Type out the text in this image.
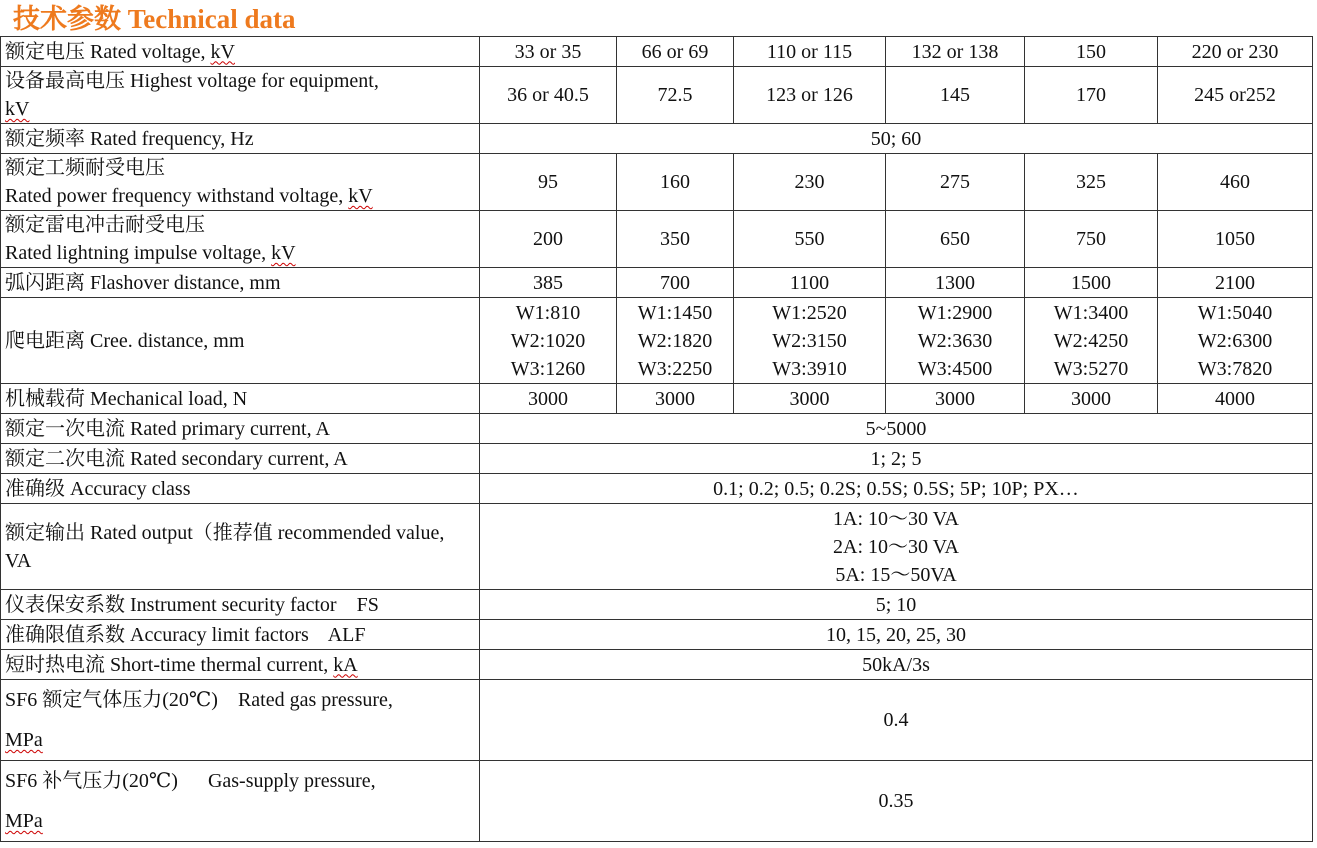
技术参数 Technical data
额定电压 Rated voltage, kV	33 or 35	66 or 69	110 or 115	132 or 138	150	220 or 230

设备最高电压 Highest voltage for equipment,
kV	36 or 40.5	72.5	123 or 126	145	170	245 or252
额定频率 Rated frequency, Hz	50; 60					

额定工频耐受电压
Rated power frequency withstand voltage, kV	95	160	230	275	325	460

额定雷电冲击耐受电压
Rated lightning impulse voltage, kV	200	350	550	650	750	1050
弧闪距离 Flashover distance, mm	385	700	1100	1300	1500	2100
爬电距离 Cree. distance, mm	W1:810
W2:1020
W3:1260	W1:1450
W2:1820
W3:2250	W1:2520
W2:3150
W3:3910	W1:2900
W2:3630
W3:4500	W1:3400
W2:4250
W3:5270	W1:5040
W2:6300
W3:7820

机械载荷 Mechanical load, N	3000	3000	3000	3000	3000	4000
额定一次电流 Rated primary current, A	5~5000					
额定二次电流 Rated secondary current, A	1; 2; 5					
准确级 Accuracy class	0.1; 0.2; 0.5; 0.2S; 0.5S; 0.5S; 5P; 10P; PX…					
额定输出 Rated output（推荐值 recommended value, VA	1A: 10～30 VA
2A: 10～30 VA
5A: 15～50VA					

仪表保安系数 Instrument security factor    FS	5; 10					
准确限值系数 Accuracy limit factors    ALF	10, 15, 20, 25, 30					
短时热电流 Short-time thermal current, kA	50kA/3s					

SF6 额定气体压力(20℃)    Rated gas pressure,
MPa	0.4					

SF6 补气压力(20℃)      Gas-supply pressure,
MPa	0.35					
